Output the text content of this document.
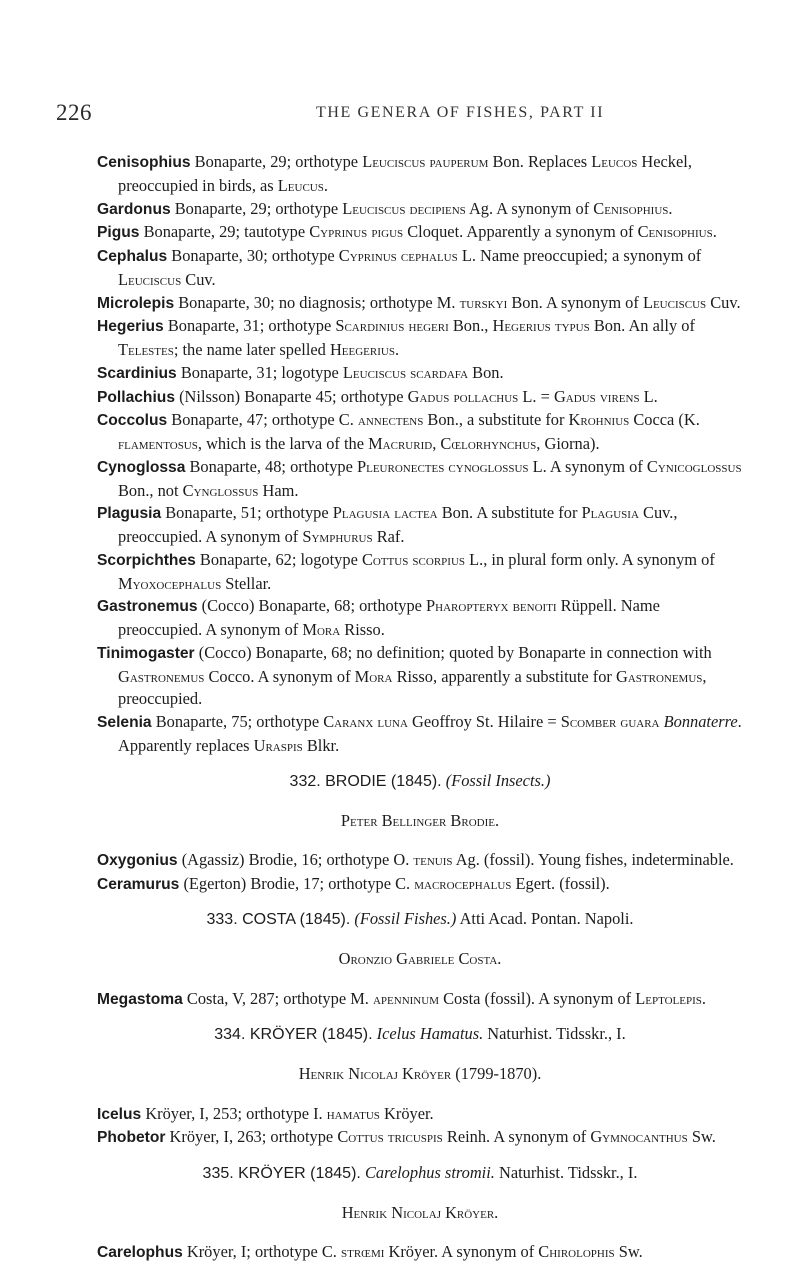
226	THE GENERA OF FISHES, PART II

Cenisophius Bonaparte, 29; orthotype Leuciscus pauperum Bon. Replaces Leucos Heckel, preoccupied in birds, as Leucus.

Gardonus Bonaparte, 29; orthotype Leuciscus decipiens Ag. A synonym of Cenisophius.

Pigus Bonaparte, 29; tautotype Cyprinus pigus Cloquet. Apparently a synonym of Cenisophius.

Cephalus Bonaparte, 30; orthotype Cyprinus cephalus L. Name preoccupied; a synonym of Leuciscus Cuv.

Microlepis Bonaparte, 30; no diagnosis; orthotype M. turskyi Bon. A synonym of Leuciscus Cuv.

Hegerius Bonaparte, 31; orthotype Scardinius hegeri Bon., Hegerius typus Bon. An ally of Telestes; the name later spelled Heegerius.

Scardinius Bonaparte, 31; logotype Leuciscus scardafa Bon.

Pollachius (Nilsson) Bonaparte 45; orthotype Gadus pollachus L. = Gadus virens L.

Coccolus Bonaparte, 47; orthotype C. annectens Bon., a substitute for Krohnius Cocca (K. flamentosus, which is the larva of the Macrurid, Cœlorhynchus, Giorna).

Cynoglossa Bonaparte, 48; orthotype Pleuronectes cynoglossus L. A synonym of Cynicoglossus Bon., not Cynglossus Ham.

Plagusia Bonaparte, 51; orthotype Plagusia lactea Bon. A substitute for Plagusia Cuv., preoccupied. A synonym of Symphurus Raf.

Scorpichthes Bonaparte, 62; logotype Cottus scorpius L., in plural form only. A synonym of Myoxocephalus Stellar.

Gastronemus (Cocco) Bonaparte, 68; orthotype Pharopteryx benoiti Rüppell. Name preoccupied. A synonym of Mora Risso.

Tinimogaster (Cocco) Bonaparte, 68; no definition; quoted by Bonaparte in connection with Gastronemus Cocco. A synonym of Mora Risso, apparently a substitute for Gastronemus, preoccupied.

Selenia Bonaparte, 75; orthotype Caranx luna Geoffroy St. Hilaire = Scomber guara Bonnaterre. Apparently replaces Uraspis Blkr.

332. BRODIE (1845). (Fossil Insects.)

Peter Bellinger Brodie.

Oxygonius (Agassiz) Brodie, 16; orthotype O. tenuis Ag. (fossil). Young fishes, indeterminable.

Ceramurus (Egerton) Brodie, 17; orthotype C. macrocephalus Egert. (fossil).

333. COSTA (1845). (Fossil Fishes.) Atti Acad. Pontan. Napoli.

Oronzio Gabriele Costa.

Megastoma Costa, V, 287; orthotype M. apenninum Costa (fossil). A synonym of Leptolepis.

334. KRÖYER (1845). Icelus Hamatus. Naturhist. Tidsskr., I.

Henrik Nicolaj Kröyer (1799-1870).

Icelus Kröyer, I, 253; orthotype I. hamatus Kröyer.

Phobetor Kröyer, I, 263; orthotype Cottus tricuspis Reinh. A synonym of Gymnocanthus Sw.

335. KRÖYER (1845). Carelophus stromii. Naturhist. Tidsskr., I.

Henrik Nicolaj Kröyer.

Carelophus Kröyer, I; orthotype C. strœmi Kröyer. A synonym of Chirolophis Sw.
